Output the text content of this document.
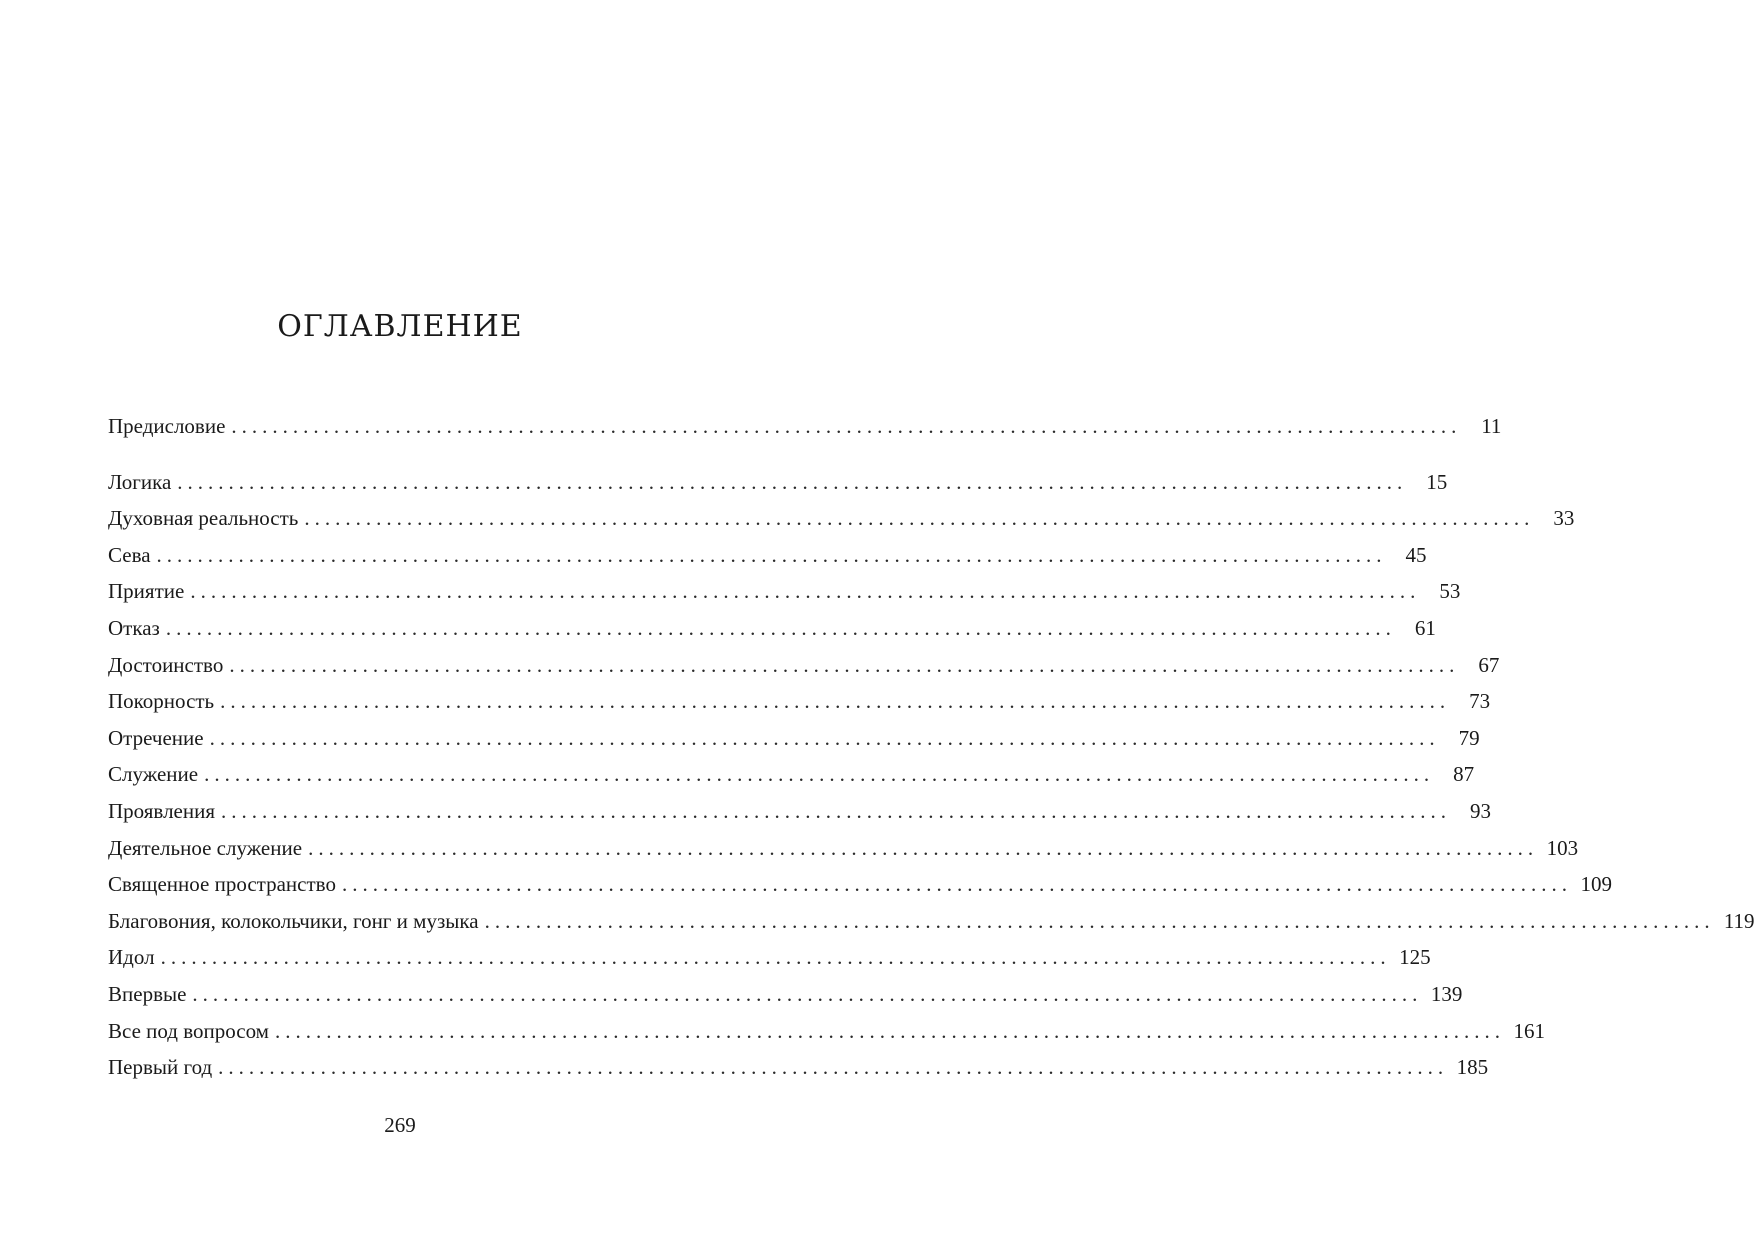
ОГЛАВЛЕНИЕ
Предисловие ........................................................................................................................ 11
Логика ........................................................................................................................ 15
Духовная реальность ........................................................................................................................ 33
Сева ........................................................................................................................ 45
Приятие ........................................................................................................................ 53
Отказ ........................................................................................................................ 61
Достоинство ........................................................................................................................ 67
Покорность ........................................................................................................................ 73
Отречение ........................................................................................................................ 79
Служение ........................................................................................................................ 87
Проявления ........................................................................................................................ 93
Деятельное служение ........................................................................................................................ 103
Священное пространство ........................................................................................................................ 109
Благовония, колокольчики, гонг и музыка ........................................................................................................................ 119
Идол ........................................................................................................................ 125
Впервые ........................................................................................................................ 139
Все под вопросом ........................................................................................................................ 161
Первый год ........................................................................................................................ 185
269
